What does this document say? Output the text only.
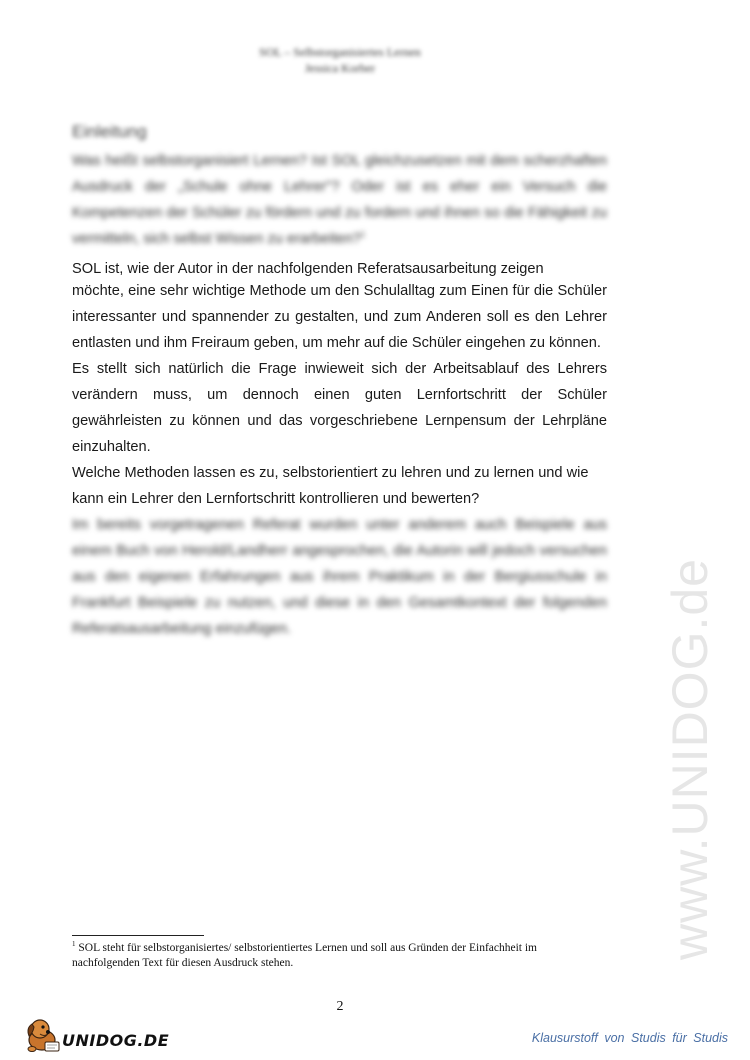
SOL – Selbstorganisiertes Lernen
Jessica Korber
Einleitung

Was heißt selbstorganisiert Lernen? Ist SOL gleichzusetzen mit dem scherzhaften Ausdruck der „Schule ohne Lehrer"? Oder ist es eher ein Versuch die Kompetenzen der Schüler zu fördern und zu fordern und ihnen so die Fähigkeit zu vermitteln, sich selbst Wissen zu erarbeiten?$^1$

SOL ist, wie der Autor in der nachfolgenden Referatsausarbeitung zeigen

möchte, eine sehr wichtige Methode um den Schulalltag zum Einen für die Schüler interessanter und spannender zu gestalten, und zum Anderen soll es den Lehrer entlasten und ihm Freiraum geben, um mehr auf die Schüler eingehen zu können.

Es stellt sich natürlich die Frage inwieweit sich der Arbeitsablauf des Lehrers verändern muss, um dennoch einen guten Lernfortschritt der Schüler gewährleisten zu können und das vorgeschriebene Lernpensum der Lehrpläne einzuhalten.

Welche Methoden lassen es zu, selbstorientiert zu lehren und zu lernen und wie

kann ein Lehrer den Lernfortschritt kontrollieren und bewerten?

Im bereits vorgetragenen Referat wurden unter anderem auch Beispiele aus einem Buch von Herold/Landherr angesprochen, die Autorin will jedoch versuchen aus den eigenen Erfahrungen aus ihrem Praktikum in der Bergiusschule in Frankfurt Beispiele zu nutzen, und diese in den Gesamtkontext der folgenden Referatsausarbeitung einzufügen.	www.UNIDOG.de
$^1$ SOL steht für selbstorganisiertes/ selbstorientiertes Lernen und soll aus Gründen der Einfachheit im nachfolgenden Text für diesen Ausdruck stehen.
2
UNIDOG.DE	Klausurstoff von Studis für Studis
